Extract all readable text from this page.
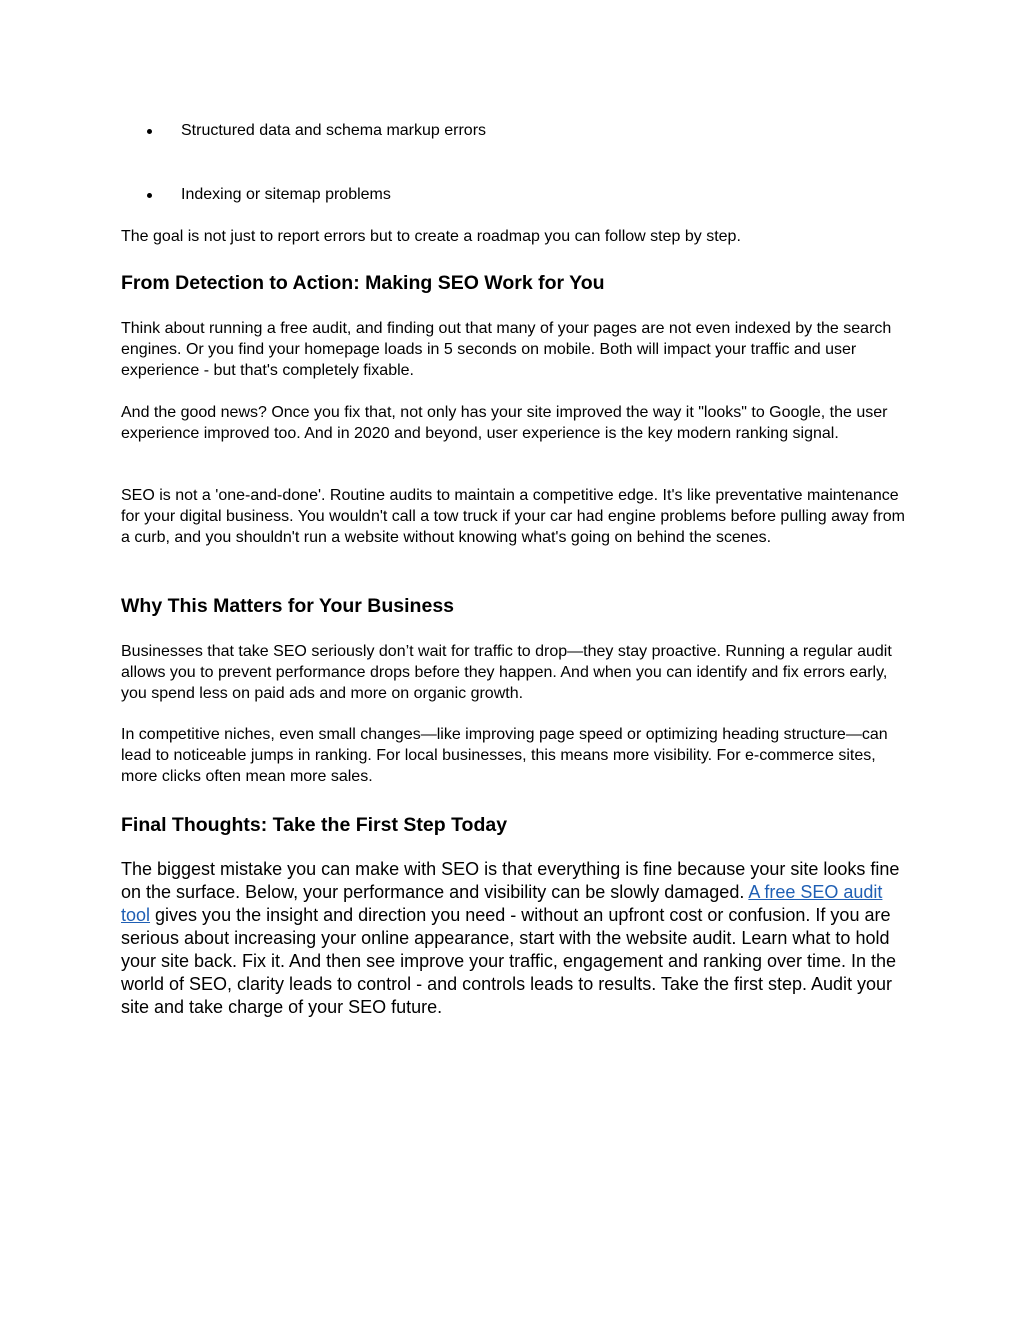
Structured data and schema markup errors
Indexing or sitemap problems

The goal is not just to report errors but to create a roadmap you can follow step by step.

From Detection to Action: Making SEO Work for You

Think about running a free audit, and finding out that many of your pages are not even indexed by the search engines. Or you find your homepage loads in 5 seconds on mobile. Both will impact your traffic and user experience - but that's completely fixable.

And the good news? Once you fix that, not only has your site improved the way it "looks" to Google, the user experience improved too. And in 2020 and beyond, user experience is the key modern ranking signal.

SEO is not a 'one-and-done'. Routine audits to maintain a competitive edge. It's like preventative maintenance for your digital business. You wouldn't call a tow truck if your car had engine problems before pulling away from a curb, and you shouldn't run a website without knowing what's going on behind the scenes.

Why This Matters for Your Business

Businesses that take SEO seriously don’t wait for traffic to drop—they stay proactive. Running a regular audit allows you to prevent performance drops before they happen. And when you can identify and fix errors early, you spend less on paid ads and more on organic growth.

In competitive niches, even small changes—like improving page speed or optimizing heading structure—can lead to noticeable jumps in ranking. For local businesses, this means more visibility. For e-commerce sites, more clicks often mean more sales.

Final Thoughts: Take the First Step Today

The biggest mistake you can make with SEO is that everything is fine because your site looks fine on the surface. Below, your performance and visibility can be slowly damaged. A free SEO audit tool gives you the insight and direction you need - without an upfront cost or confusion. If you are serious about increasing your online appearance, start with the website audit. Learn what to hold your site back. Fix it. And then see improve your traffic, engagement and ranking over time. In the world of SEO, clarity leads to control - and controls leads to results. Take the first step. Audit your site and take charge of your SEO future.
